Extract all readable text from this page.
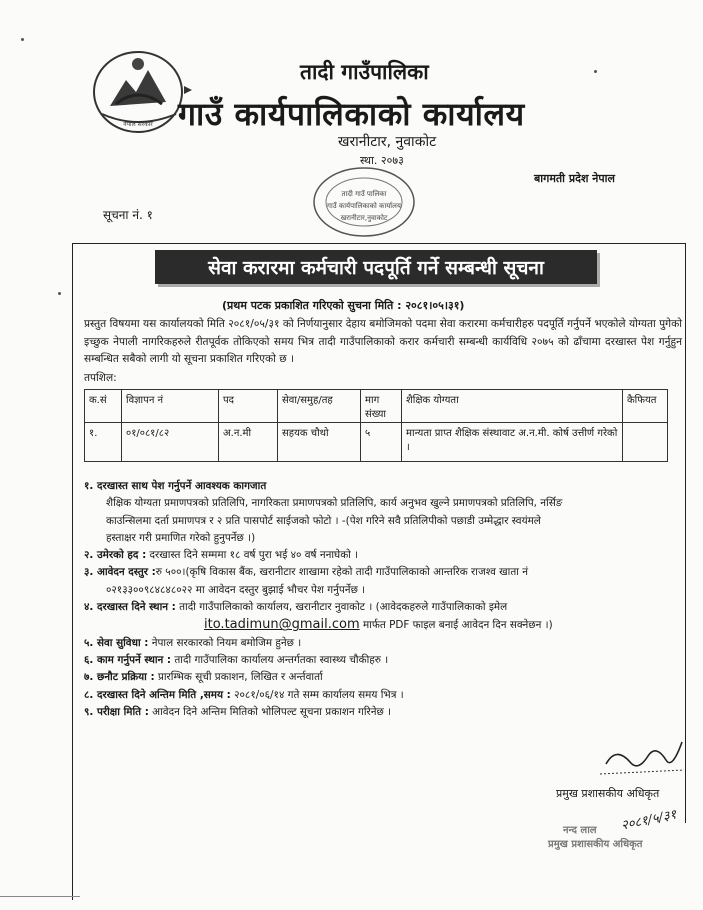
नेपाल सरकार
तादी गाउँपालिका
गाउँ कार्यपालिकाको कार्यालय
खरानीटार, नुवाकोट
स्था. २०७३
तादी गाउँ पालिका
गाउँ कार्यपालिकाको कार्यालय
खरानीटार,नुवाकोट
बागमती प्रदेश नेपाल
सूचना नं. १
सेवा करारमा कर्मचारी पदपूर्ति गर्ने सम्बन्धी सूचना
(प्रथम पटक प्रकाशित गरिएको सुचना मिति : २०८१।०५।३१)
प्रस्तुत विषयमा यस कार्यालयको मिति २०८१/०५/३१ को निर्णयानुसार देहाय बमोजिमको पदमा सेवा करारमा कर्मचारीहरु पदपूर्ति गर्नुपर्ने भएकोले योग्यता पुगेको इच्छुक नेपाली नागरिकहरुले रीतपूर्वक तोकिएको समय भित्र तादी गाउँपालिकाको करार कर्मचारी सम्बन्धी कार्यविधि २०७५ को ढाँचामा दरखास्त पेश गर्नुहुन सम्बन्धित सबैको लागी यो सूचना प्रकाशित गरिएको छ ।
तपशिल:
क.सं	विज्ञापन नं	पद	सेवा/समुह/तह	माग संख्या	शैक्षिक योग्यता	कैफियत
१.	०१/०८१/८२	अ.न.मी	सहयक चौथो	५	मान्यता प्राप्त शैक्षिक संस्थावाट अ.न.मी. कोर्ष उत्तीर्ण गरेको ।	
१. दरखास्त साथ पेश गर्नुपर्ने आवश्यक कागजात
शैक्षिक योग्यता प्रमाणपत्रको प्रतिलिपि, नागरिकता प्रमाणपत्रको प्रतिलिपि, कार्य अनुभव खुल्ने प्रमाणपत्रको प्रतिलिपि, नर्सिङ
काउन्सिलमा दर्ता प्रमाणपत्र र २ प्रति पासपोर्ट साईजको फोटो । -(पेश गरिने सवै प्रतिलिपीको पछाडी उम्मेद्धार स्वयंमले
हस्ताक्षर गरी प्रमाणित गरेको हुनुपर्नेछ ।)
२. उमेरको हद : दरखास्त दिने सम्ममा १८ वर्ष पुरा भई ४० वर्ष ननाघेको ।
३. आवेदन दस्तुर :रु ५००।(कृषि विकास बैंक, खरानीटार शाखामा रहेको तादी गाउँपालिकाको आन्तरिक राजश्व खाता नं
०२१३३००९८४८४८०२२ मा आवेदन दस्तुर बुझाई भौचर पेश गर्नुपर्नेछ ।
४. दरखास्त दिने स्थान : तादी गाउँपालिकाको कार्यालय, खरानीटार नुवाकोट । (आवेदकहरुले गाउँपालिकाको इमेल
ito.tadimun@gmail.com मार्फत PDF फाइल बनाई आवेदन दिन सक्नेछन ।)
५. सेवा सुविधा : नेपाल सरकारको नियम बमोजिम हुनेछ ।
६. काम गर्नुपर्ने स्थान : तादी गाउँपालिका कार्यालय अन्तर्गतका स्वास्थ्य चौकीहरु ।
७. छनौट प्रक्रिया : प्रारम्भिक सूची प्रकाशन, लिखित र अर्न्तवार्ता
८. दरखास्त दिने अन्तिम मिति ,समय : २०८१/०६/१४ गते सम्म कार्यालय समय भित्र ।
९. परीक्षा मिति : आवेदन दिने अन्तिम मितिको भोलिपल्ट सूचना प्रकाशन गरिनेछ ।
प्रमुख प्रशासकीय अधिकृत
२०८१/५/३१
नन्द लाल
प्रमुख प्रशासकीय अधिकृत
